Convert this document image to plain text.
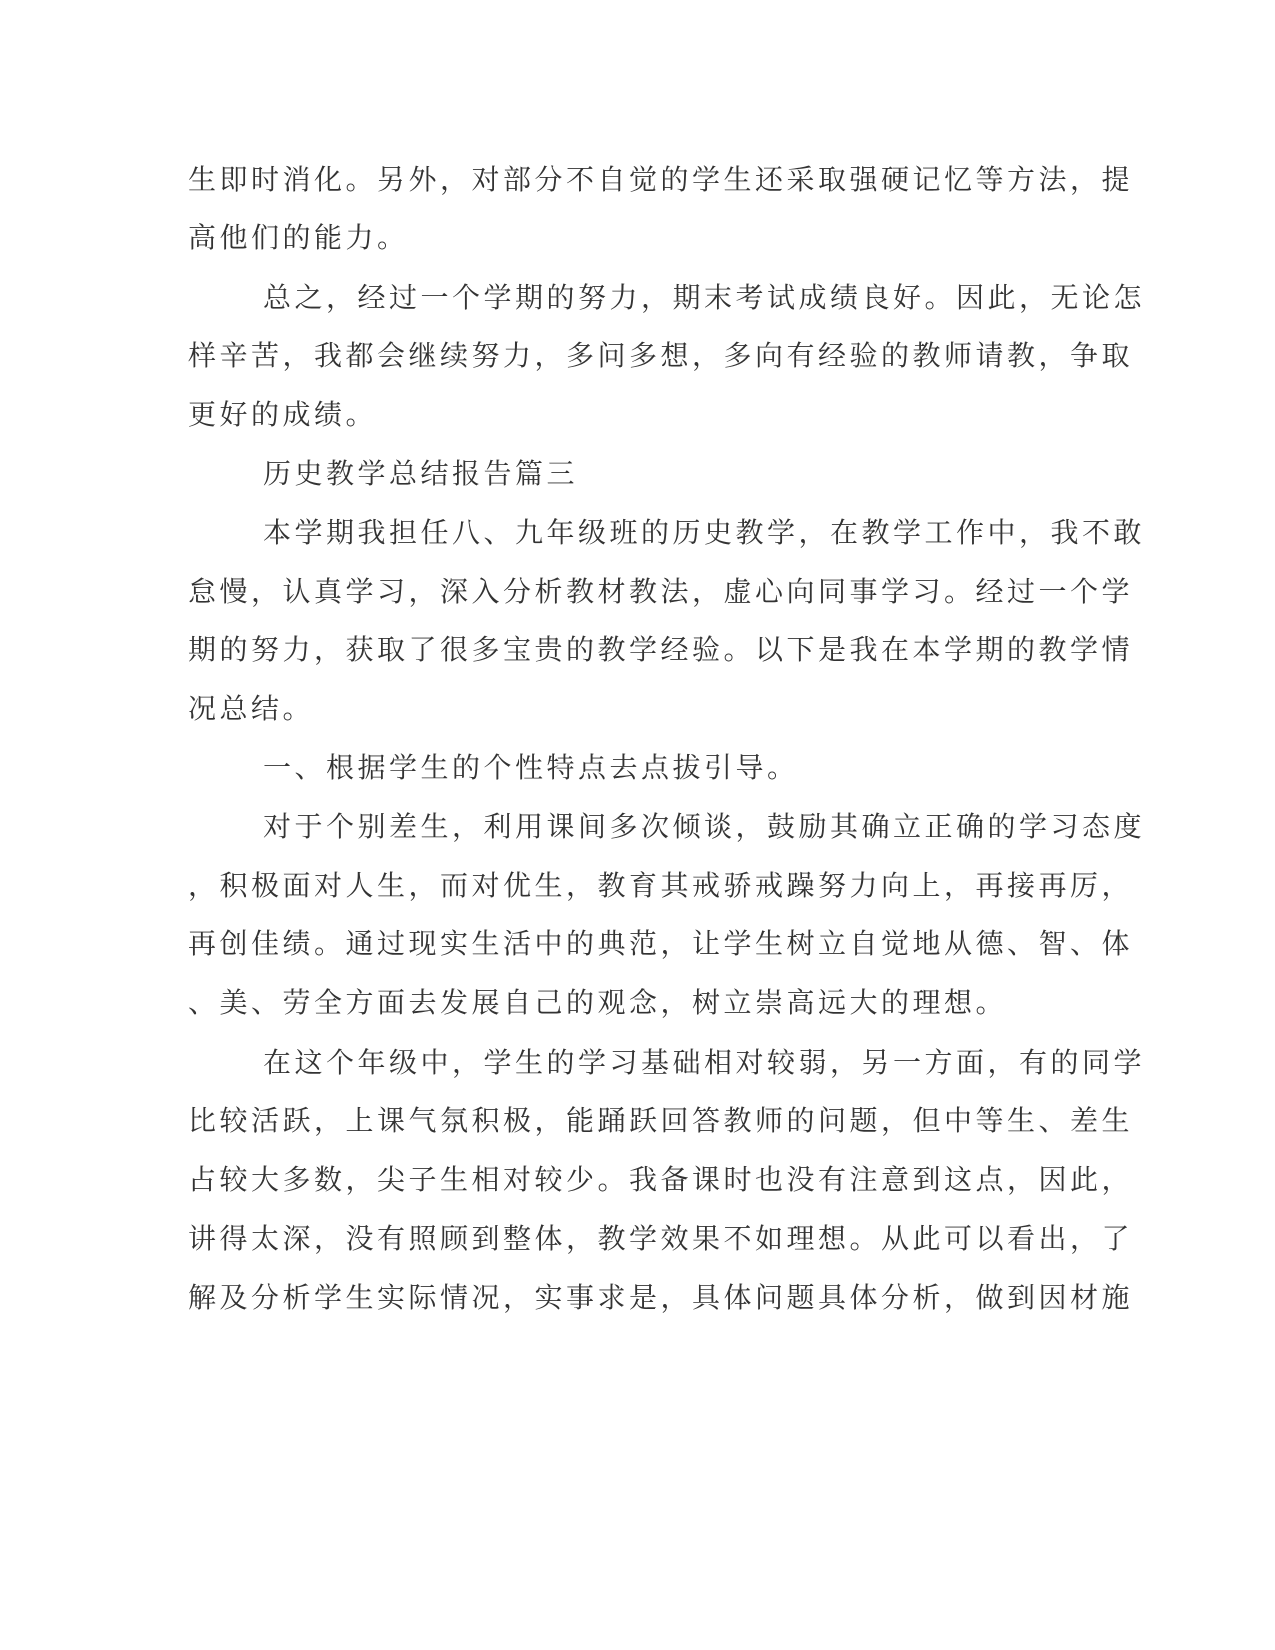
生即时消化。另外，对部分不自觉的学生还采取强硬记忆等方法，提
高他们的能力。
总之，经过一个学期的努力，期末考试成绩良好。因此，无论怎
样辛苦，我都会继续努力，多问多想，多向有经验的教师请教，争取
更好的成绩。
历史教学总结报告篇三
本学期我担任八、九年级班的历史教学，在教学工作中，我不敢
怠慢，认真学习，深入分析教材教法，虚心向同事学习。经过一个学
期的努力，获取了很多宝贵的教学经验。以下是我在本学期的教学情
况总结。
一、根据学生的个性特点去点拔引导。
对于个别差生，利用课间多次倾谈，鼓励其确立正确的学习态度
，积极面对人生，而对优生，教育其戒骄戒躁努力向上，再接再厉，
再创佳绩。通过现实生活中的典范，让学生树立自觉地从德、智、体
、美、劳全方面去发展自己的观念，树立崇高远大的理想。
在这个年级中，学生的学习基础相对较弱，另一方面，有的同学
比较活跃，上课气氛积极，能踊跃回答教师的问题，但中等生、差生
占较大多数，尖子生相对较少。我备课时也没有注意到这点，因此，
讲得太深，没有照顾到整体，教学效果不如理想。从此可以看出，了
解及分析学生实际情况，实事求是，具体问题具体分析，做到因材施
